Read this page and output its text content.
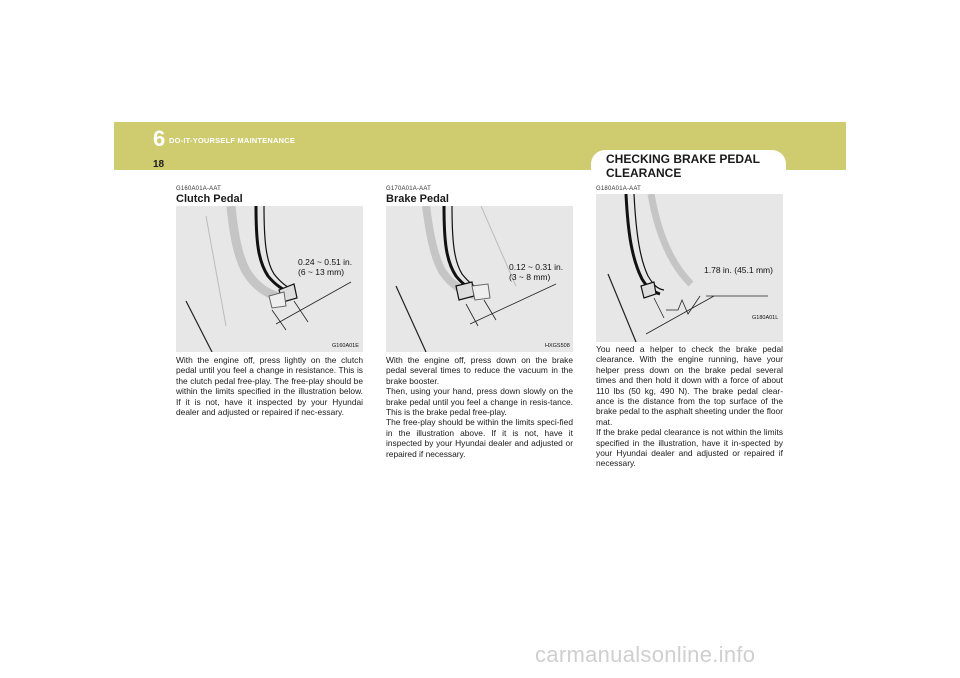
6 DO-IT-YOURSELF MAINTENANCE
18	CHECKING BRAKE PEDAL CLEARANCE
G160A01A-AAT
Clutch Pedal
0.24 ~ 0.51 in.
(6 ~ 13 mm)
G160A01E

With the engine off, press lightly on the clutch pedal until you feel a change in resistance. This is the clutch pedal free-play. The free-play should be within the limits specified in the illustration below. If it is not, have it inspected by your Hyundai dealer and adjusted or repaired if nec-essary.

G170A01A-AAT
Brake Pedal
0.12 ~ 0.31 in.
(3 ~ 8 mm)
HXGS508

With the engine off, press down on the brake pedal several times to reduce the vacuum in the brake booster.

Then, using your hand, press down slowly on the brake pedal until you feel a change in resis-tance. This is the brake pedal free-play.

The free-play should be within the limits speci-fied in the illustration above. If it is not, have it inspected by your Hyundai dealer and adjusted or repaired if necessary.

G180A01A-AAT
1.78 in. (45.1 mm)
G180A01L

You need a helper to check the brake pedal clearance. With the engine running, have your helper press down on the brake pedal several times and then hold it down with a force of about 110 lbs (50 kg, 490 N). The brake pedal clear-ance is the distance from the top surface of the brake pedal to the asphalt sheeting under the floor mat.

If the brake pedal clearance is not within the limits specified in the illustration, have it in-spected by your Hyundai dealer and adjusted or repaired if necessary.

carmanualsonline.info
